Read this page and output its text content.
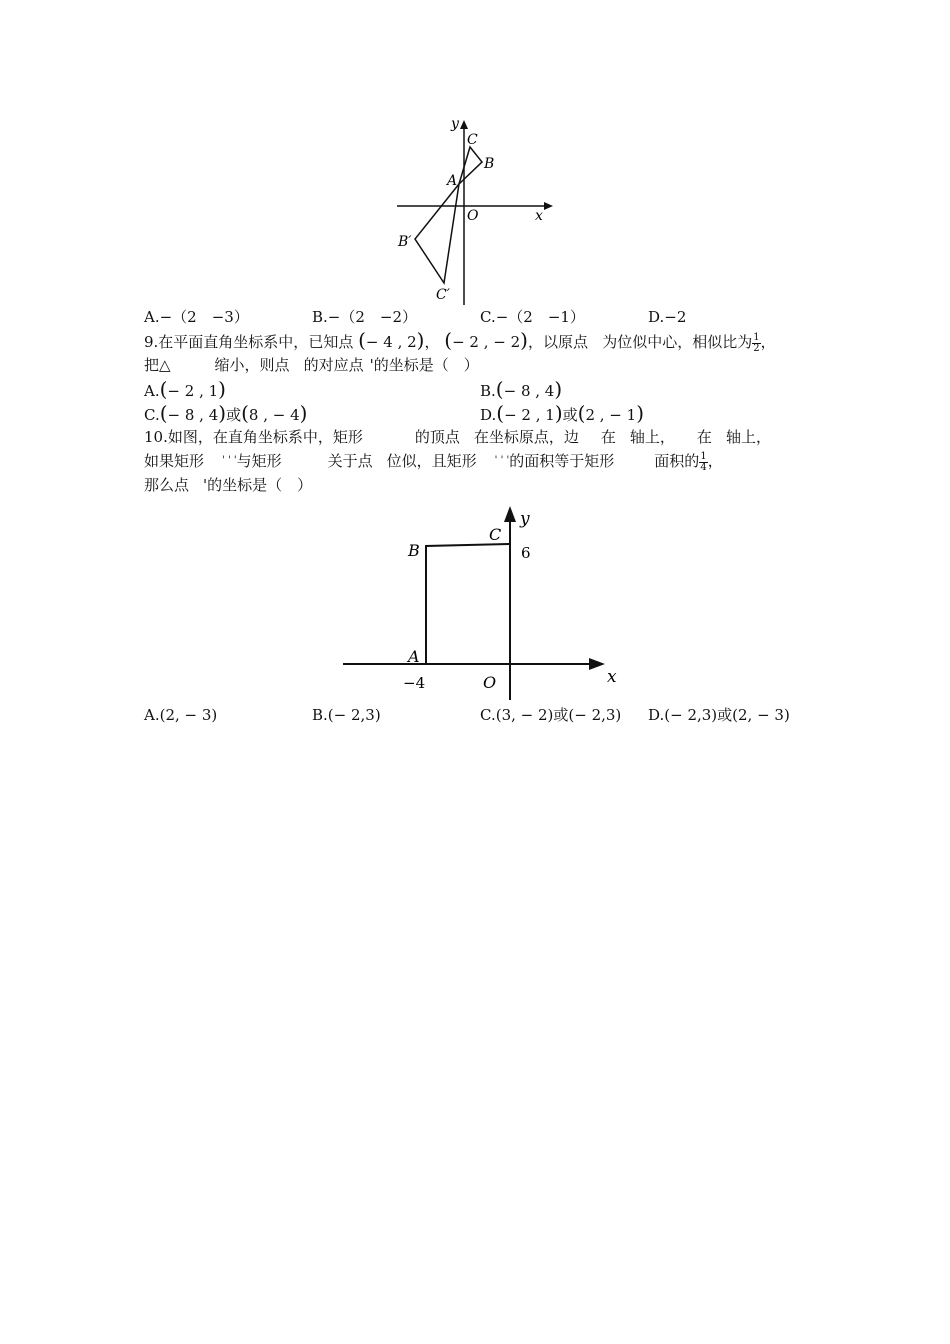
y
x
O
A
B
C
B′
C′
A.−（2　−3）	B.−（2　−2）	C.−（2　−1）	D.−2
9.在平面直角坐标系中，已知点 (− 4 , 2)， (− 2 , − 2)，以原点 为位似中心，相似比为 $\frac{1}{2}$ ，
把△	缩小，则点 的对应点 '的坐标是（　）
A.(− 2 , 1)	B.(− 8 , 4)
C.(− 8 , 4)或(8 , − 4)	D.(− 2 , 1)或(2 , − 1)
10.如图，在直角坐标系中，矩形	的顶点 在坐标原点，边 在 轴上， 在 轴上，
如果矩形 ' ' '与矩形	关于点 位似，且矩形 ' ' '的面积等于矩形	面积的 $\frac{1}{4}$ ，
那么点 '的坐标是（　）
y
x
O
A
B
C
6
−4
A.(2, − 3)	B.(− 2,3)	C.(3, − 2)或(− 2,3) D.(− 2,3)或(2, − 3)
